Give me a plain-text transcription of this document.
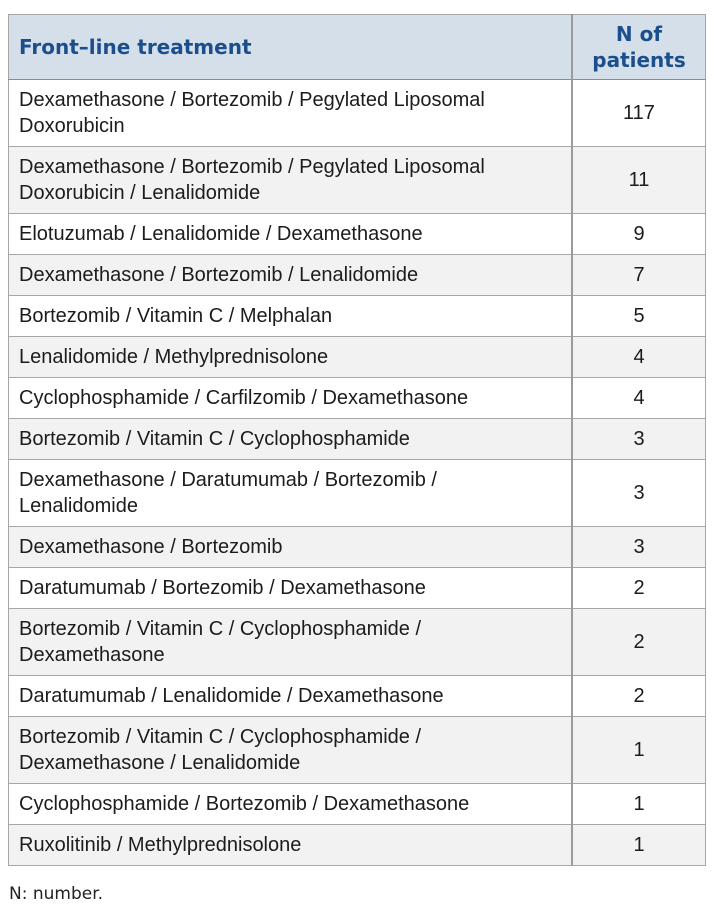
Front–line treatment	N of patients
Dexamethasone / Bortezomib / Pegylated Liposomal Doxorubicin	117
Dexamethasone / Bortezomib / Pegylated Liposomal Doxorubicin / Lenalidomide	11
Elotuzumab / Lenalidomide / Dexamethasone	9
Dexamethasone / Bortezomib / Lenalidomide	7
Bortezomib / Vitamin C / Melphalan	5
Lenalidomide / Methylprednisolone	4
Cyclophosphamide / Carfilzomib / Dexamethasone	4
Bortezomib / Vitamin C / Cyclophosphamide	3
Dexamethasone / Daratumumab / Bortezomib / Lenalidomide	3
Dexamethasone / Bortezomib	3
Daratumumab / Bortezomib / Dexamethasone	2
Bortezomib / Vitamin C / Cyclophosphamide / Dexamethasone	2
Daratumumab / Lenalidomide / Dexamethasone	2
Bortezomib / Vitamin C / Cyclophosphamide / Dexamethasone / Lenalidomide	1
Cyclophosphamide / Bortezomib / Dexamethasone	1
Ruxolitinib / Methylprednisolone	1
N: number.
